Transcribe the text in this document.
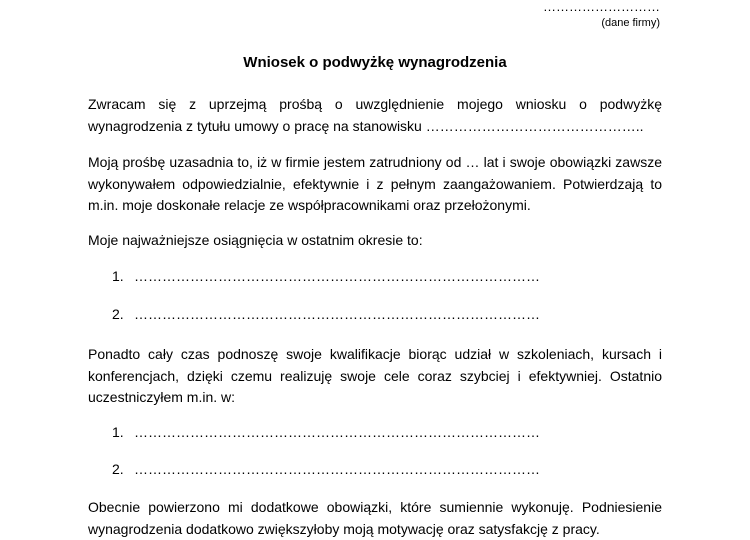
………………………
(dane firmy)
Wniosek o podwyżkę wynagrodzenia
Zwracam się z uprzejmą prośbą o uwzględnienie mojego wniosku o podwyżkę wynagrodzenia z tytułu umowy o pracę na stanowisku ………………………………………..
Moją prośbę uzasadnia to, iż w firmie jestem zatrudniony od … lat i swoje obowiązki zawsze wykonywałem odpowiedzialnie, efektywnie i z pełnym zaangażowaniem. Potwierdzają to m.in. moje doskonałe relacje ze współpracownikami oraz przełożonymi.
Moje najważniejsze osiągnięcia w ostatnim okresie to:
1. ……………………………………………………………………………
2. ……………………………………………………………………………
Ponadto cały czas podnoszę swoje kwalifikacje biorąc udział w szkoleniach, kursach i konferencjach, dzięki czemu realizuję swoje cele coraz szybciej i efektywniej. Ostatnio uczestniczyłem m.in. w:
1. ……………………………………………………………………………
2. ……………………………………………………………………………
Obecnie powierzono mi dodatkowe obowiązki, które sumiennie wykonuję. Podniesienie wynagrodzenia dodatkowo zwiększyłoby moją motywację oraz satysfakcję z pracy.
